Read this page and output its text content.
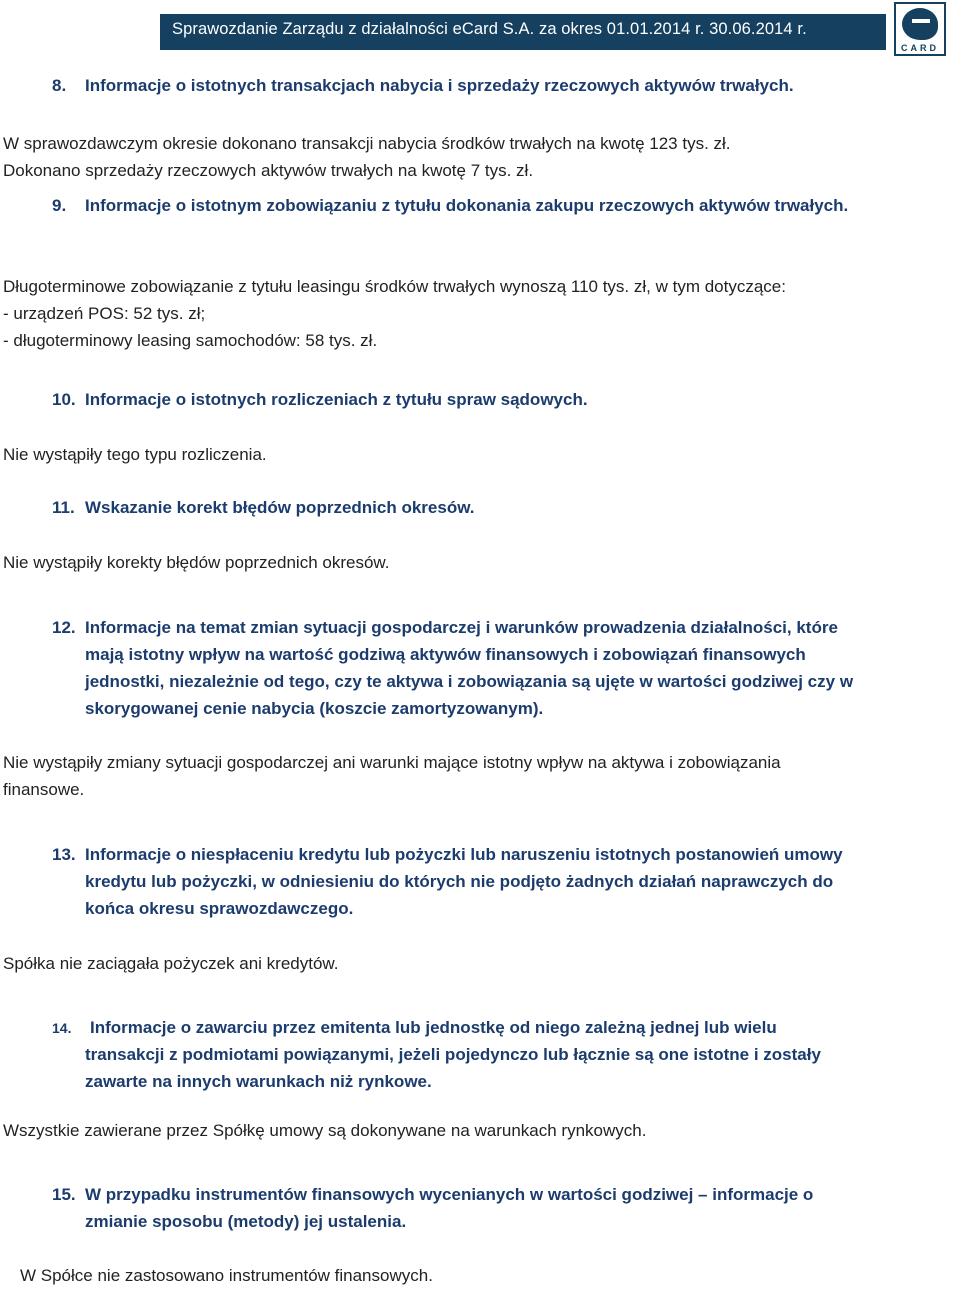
Sprawozdanie Zarządu z działalności eCard S.A. za okres 01.01.2014 r. 30.06.2014 r.
CARD
8.	Informacje o istotnych transakcjach nabycia i sprzedaży rzeczowych aktywów trwałych.
W sprawozdawczym okresie dokonano transakcji nabycia środków trwałych na kwotę 123 tys. zł.
Dokonano sprzedaży rzeczowych aktywów trwałych na kwotę 7 tys. zł.
9.	Informacje o istotnym zobowiązaniu z tytułu dokonania zakupu rzeczowych aktywów trwałych.
Długoterminowe zobowiązanie z tytułu leasingu środków trwałych wynoszą 110 tys. zł, w tym dotyczące:
- urządzeń POS: 52 tys. zł;
- długoterminowy leasing samochodów: 58 tys. zł.
10. Informacje o istotnych rozliczeniach z tytułu spraw sądowych.
Nie wystąpiły tego typu rozliczenia.
11. Wskazanie korekt błędów poprzednich okresów.
Nie wystąpiły korekty błędów poprzednich okresów.
12. Informacje na temat zmian sytuacji gospodarczej i warunków prowadzenia działalności, które
mają istotny wpływ na wartość godziwą aktywów finansowych i zobowiązań finansowych
jednostki, niezależnie od tego, czy te aktywa i zobowiązania są ujęte w wartości godziwej czy w
skorygowanej cenie nabycia (koszcie zamortyzowanym).
Nie wystąpiły zmiany sytuacji gospodarczej ani warunki mające istotny wpływ na aktywa i zobowiązania
finansowe.
13. Informacje o niespłaceniu kredytu lub pożyczki lub naruszeniu istotnych postanowień umowy
kredytu lub pożyczki, w odniesieniu do których nie podjęto żadnych działań naprawczych do
końca okresu sprawozdawczego.
Spółka nie zaciągała pożyczek ani kredytów.
14. Informacje o zawarciu przez emitenta lub jednostkę od niego zależną jednej lub wielu
transakcji z podmiotami powiązanymi, jeżeli pojedynczo lub łącznie są one istotne i zostały
zawarte na innych warunkach niż rynkowe.
Wszystkie zawierane przez Spółkę umowy są dokonywane na warunkach rynkowych.
15. W przypadku instrumentów finansowych wycenianych w wartości godziwej – informacje o
zmianie sposobu (metody) jej ustalenia.
W Spółce nie zastosowano instrumentów finansowych.
